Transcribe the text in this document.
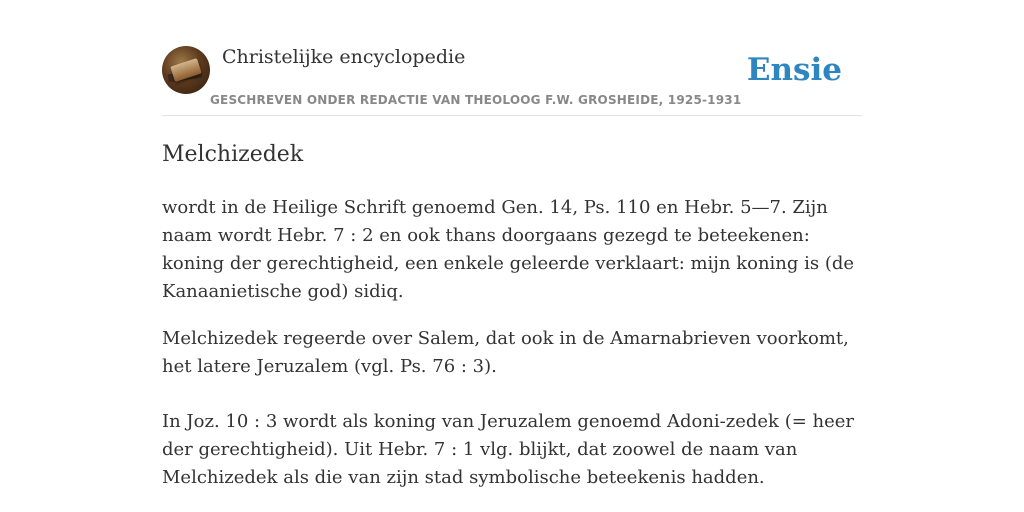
Christelijke encyclopedie
GESCHREVEN ONDER REDACTIE VAN THEOLOOG F.W. GROSHEIDE, 1925-1931
Ensie
Melchizedek

wordt in de Heilige Schrift genoemd Gen. 14, Ps. 110 en Hebr. 5—7. Zijn naam wordt Hebr. 7 : 2 en ook thans doorgaans gezegd te beteekenen: koning der gerechtigheid, een enkele geleerde verklaart: mijn koning is (de Kanaanietische god) sidiq.

Melchizedek regeerde over Salem, dat ook in de Amarnabrieven voorkomt, het latere Jeruzalem (vgl. Ps. 76 : 3).

In Joz. 10 : 3 wordt als koning van Jeruzalem genoemd Adoni-zedek (= heer der gerechtigheid). Uit Hebr. 7 : 1 vlg. blijkt, dat zoowel de naam van Melchizedek als die van zijn stad symbolische beteekenis hadden.
